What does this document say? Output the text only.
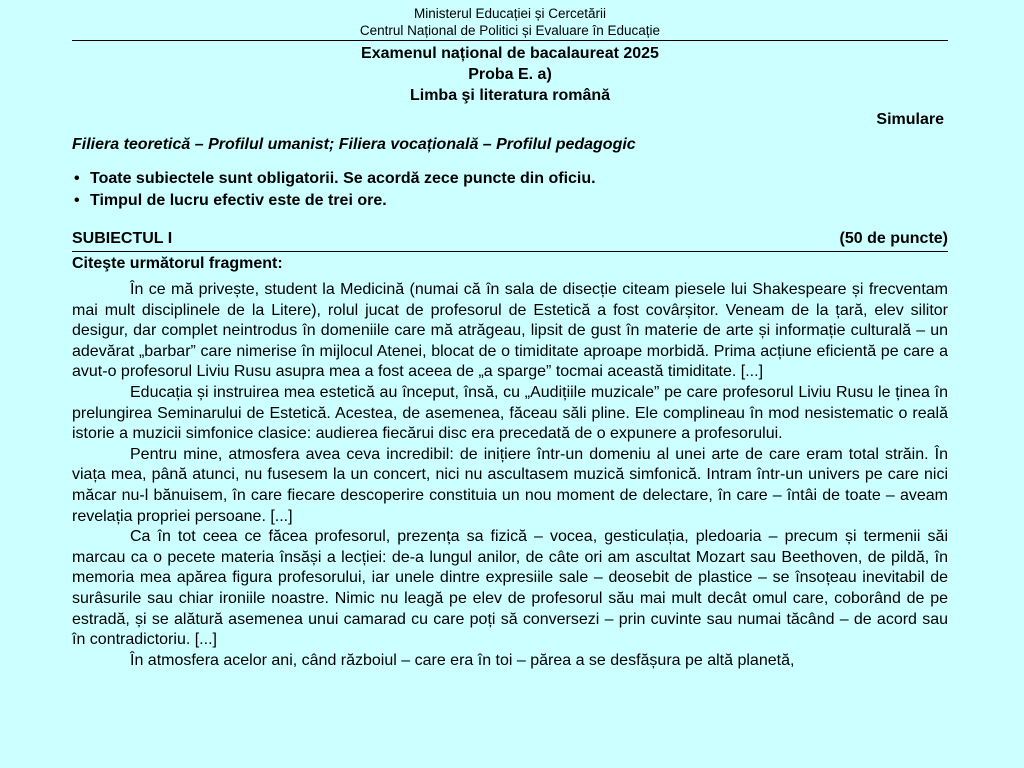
Ministerul Educației și Cercetării
Centrul Național de Politici și Evaluare în Educație
Examenul național de bacalaureat 2025
Proba E. a)
Limba şi literatura română
Simulare
Filiera teoretică – Profilul umanist; Filiera vocațională – Profilul pedagogic
• Toate subiectele sunt obligatorii. Se acordă zece puncte din oficiu.
• Timpul de lucru efectiv este de trei ore.
SUBIECTUL I	(50 de puncte)
Citeşte următorul fragment:

În ce mă privește, student la Medicină (numai că în sala de disecție citeam piesele lui Shakespeare și frecventam mai mult disciplinele de la Litere), rolul jucat de profesorul de Estetică a fost covârșitor. Veneam de la țară, elev silitor desigur, dar complet neintrodus în domeniile care mă atrăgeau, lipsit de gust în materie de arte și informație culturală – un adevărat „barbar” care nimerise în mijlocul Atenei, blocat de o timiditate aproape morbidă. Prima acțiune eficientă pe care a avut-o profesorul Liviu Rusu asupra mea a fost aceea de „a sparge” tocmai această timiditate. [...]

Educația și instruirea mea estetică au început, însă, cu „Audițiile muzicale” pe care profesorul Liviu Rusu le ținea în prelungirea Seminarului de Estetică. Acestea, de asemenea, făceau săli pline. Ele complineau în mod nesistematic o reală istorie a muzicii simfonice clasice: audierea fiecărui disc era precedată de o expunere a profesorului.

Pentru mine, atmosfera avea ceva incredibil: de inițiere într-un domeniu al unei arte de care eram total străin. În viața mea, până atunci, nu fusesem la un concert, nici nu ascultasem muzică simfonică. Intram într-un univers pe care nici măcar nu-l bănuisem, în care fiecare descoperire constituia un nou moment de delectare, în care – întâi de toate – aveam revelația propriei persoane. [...]

Ca în tot ceea ce făcea profesorul, prezența sa fizică – vocea, gesticulația, pledoaria – precum și termenii săi marcau ca o pecete materia însăși a lecției: de-a lungul anilor, de câte ori am ascultat Mozart sau Beethoven, de pildă, în memoria mea apărea figura profesorului, iar unele dintre expresiile sale – deosebit de plastice – se însoțeau inevitabil de surâsurile sau chiar ironiile noastre. Nimic nu leagă pe elev de profesorul său mai mult decât omul care, coborând de pe estradă, și se alătură asemenea unui camarad cu care poți să conversezi – prin cuvinte sau numai tăcând – de acord sau în contradictoriu. [...]

În atmosfera acelor ani, când războiul – care era în toi – părea a se desfășura pe altă planetă,
